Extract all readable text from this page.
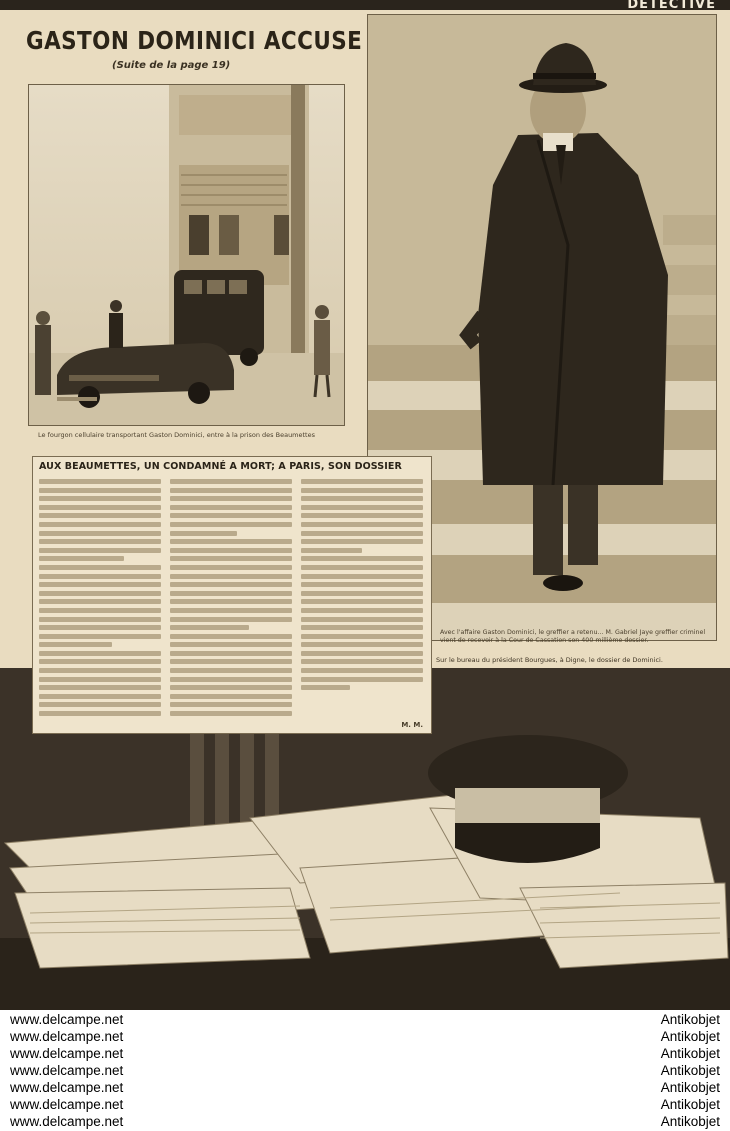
DETECTIVE
GASTON DOMINICI ACCUSE
(Suite de la page 19)
Le fourgon cellulaire transportant Gaston Dominici, entre à la prison des Beaumettes
Avec l'affaire Gaston Dominici, le greffier a retenu... M. Gabriel Jaye greffier criminel vient de recevoir à la Cour de Cassation son 400 millième dossier.
Sur le bureau du président Bourgues, à Digne, le dossier de Dominici.
AUX BEAUMETTES, UN CONDAMNÉ A MORT; A PARIS, SON DOSSIER
M. M.
www.delcampe.net
www.delcampe.net
www.delcampe.net
www.delcampe.net
www.delcampe.net
www.delcampe.net
www.delcampe.net
Antikobjet
Antikobjet
Antikobjet
Antikobjet
Antikobjet
Antikobjet
Antikobjet
